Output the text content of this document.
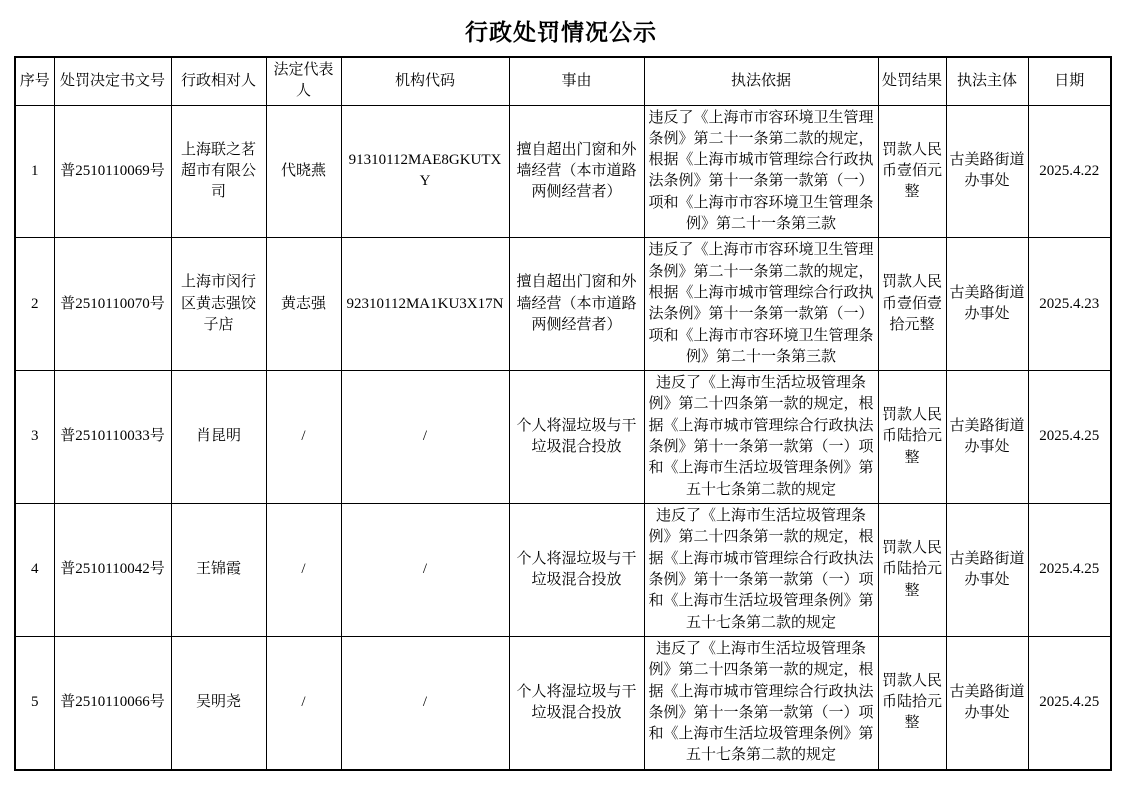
行政处罚情况公示
序号	处罚决定书文号	行政相对人	法定代表人	机构代码	事由	执法依据	处罚结果	执法主体	日期
1	普2510110069号	上海联之茗超市有限公司	代晓燕	91310112MAE8GKUTXY	擅自超出门窗和外墙经营（本市道路两侧经营者）	违反了《上海市市容环境卫生管理条例》第二十一条第二款的规定，根据《上海市城市管理综合行政执法条例》第十一条第一款第（一）项和《上海市市容环境卫生管理条例》第二十一条第三款	罚款人民币壹佰元整	古美路街道办事处	2025.4.22
2	普2510110070号	上海市闵行区黄志强饺子店	黄志强	92310112MA1KU3X17N	擅自超出门窗和外墙经营（本市道路两侧经营者）	违反了《上海市市容环境卫生管理条例》第二十一条第二款的规定，根据《上海市城市管理综合行政执法条例》第十一条第一款第（一）项和《上海市市容环境卫生管理条例》第二十一条第三款	罚款人民币壹佰壹拾元整	古美路街道办事处	2025.4.23
3	普2510110033号	肖昆明	/	/	个人将湿垃圾与干垃圾混合投放	违反了《上海市生活垃圾管理条例》第二十四条第一款的规定，根据《上海市城市管理综合行政执法条例》第十一条第一款第（一）项和《上海市生活垃圾管理条例》第五十七条第二款的规定	罚款人民币陆拾元整	古美路街道办事处	2025.4.25
4	普2510110042号	王锦霞	/	/	个人将湿垃圾与干垃圾混合投放	违反了《上海市生活垃圾管理条例》第二十四条第一款的规定，根据《上海市城市管理综合行政执法条例》第十一条第一款第（一）项和《上海市生活垃圾管理条例》第五十七条第二款的规定	罚款人民币陆拾元整	古美路街道办事处	2025.4.25
5	普2510110066号	吴明尧	/	/	个人将湿垃圾与干垃圾混合投放	违反了《上海市生活垃圾管理条例》第二十四条第一款的规定，根据《上海市城市管理综合行政执法条例》第十一条第一款第（一）项和《上海市生活垃圾管理条例》第五十七条第二款的规定	罚款人民币陆拾元整	古美路街道办事处	2025.4.25
